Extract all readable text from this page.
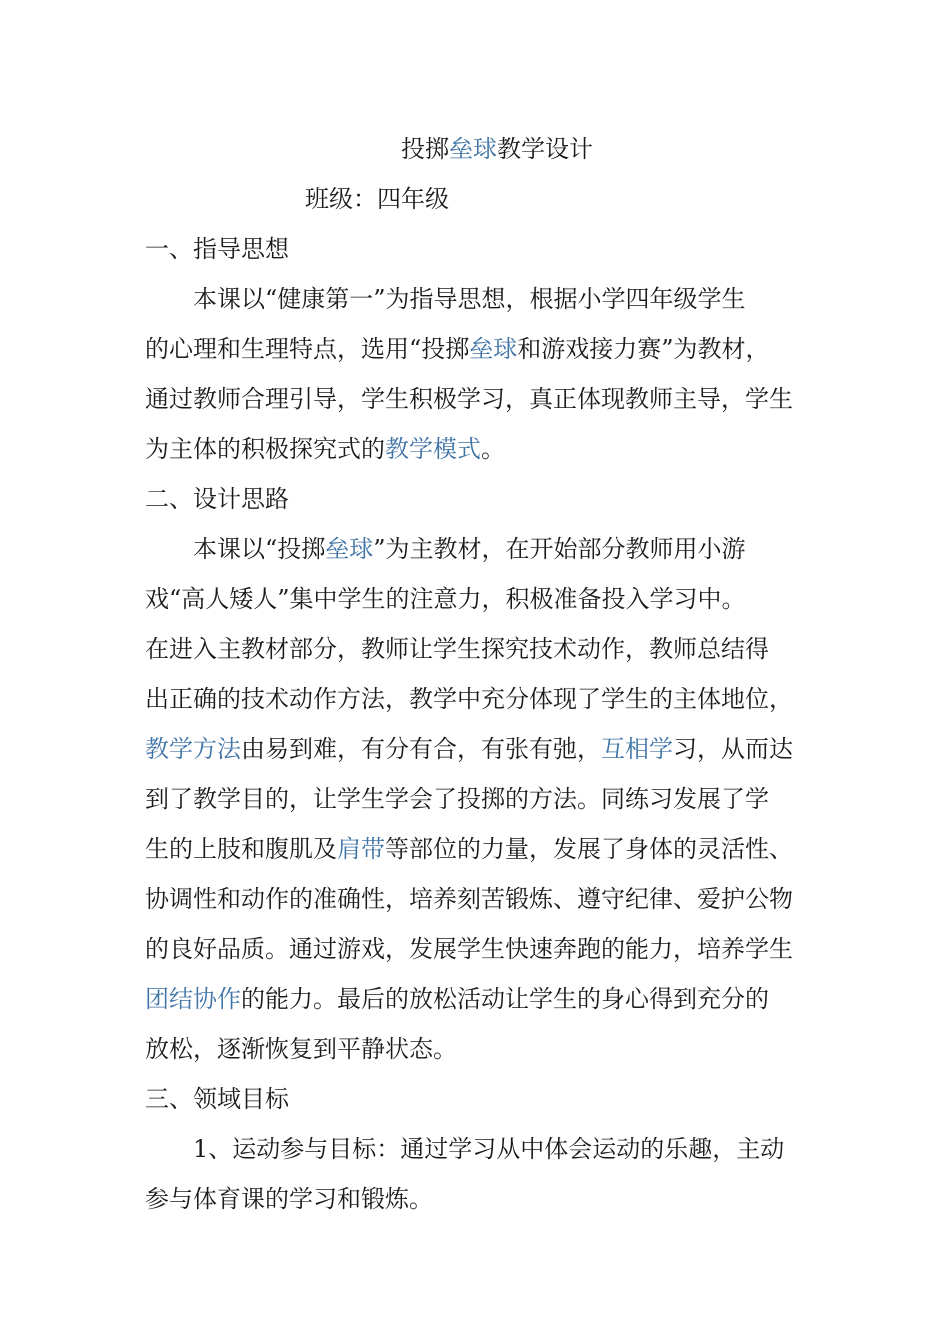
投掷垒球教学设计
班级：四年级
一、指导思想
本课以“健康第一”为指导思想，根据小学四年级学生
的心理和生理特点，选用“投掷垒球和游戏接力赛”为教材，
通过教师合理引导，学生积极学习，真正体现教师主导，学生
为主体的积极探究式的教学模式。
二、设计思路
本课以“投掷垒球”为主教材，在开始部分教师用小游
戏“高人矮人”集中学生的注意力，积极准备投入学习中。
在进入主教材部分，教师让学生探究技术动作，教师总结得
出正确的技术动作方法，教学中充分体现了学生的主体地位，
教学方法由易到难，有分有合，有张有弛，互相学习，从而达
到了教学目的，让学生学会了投掷的方法。同练习发展了学
生的上肢和腹肌及肩带等部位的力量，发展了身体的灵活性、
协调性和动作的准确性，培养刻苦锻炼、遵守纪律、爱护公物
的良好品质。通过游戏，发展学生快速奔跑的能力，培养学生
团结协作的能力。最后的放松活动让学生的身心得到充分的
放松，逐渐恢复到平静状态。
三、领域目标
1、运动参与目标：通过学习从中体会运动的乐趣，主动
参与体育课的学习和锻炼。
